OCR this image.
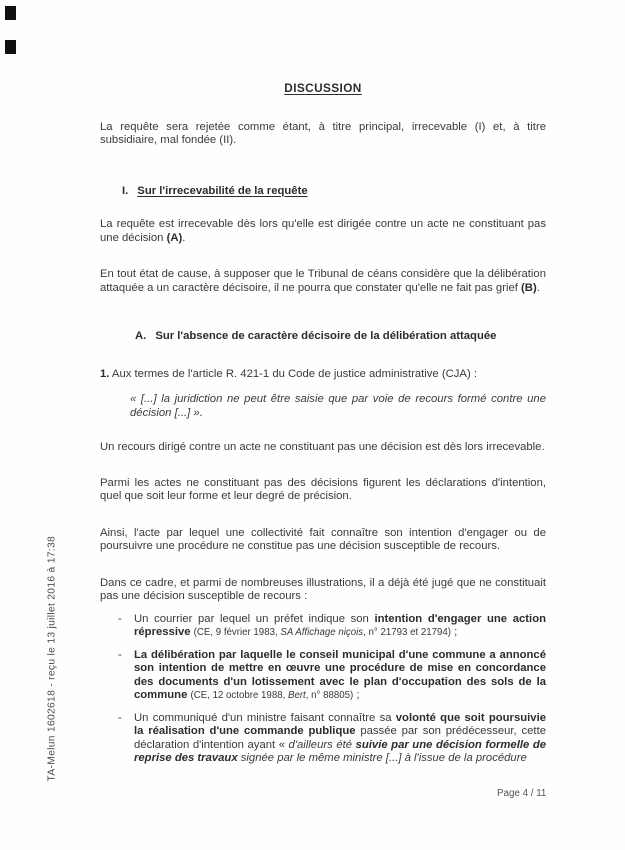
TA-Melun 1602618 - reçu le 13 juillet 2016 à 17:38
DISCUSSION

La requête sera rejetée comme étant, à titre principal, irrecevable (I) et, à titre subsidiaire, mal fondée (II).

I. Sur l'irrecevabilité de la requête

La requête est irrecevable dès lors qu'elle est dirigée contre un acte ne constituant pas une décision (A).

En tout état de cause, à supposer que le Tribunal de céans considère que la délibération attaquée a un caractère décisoire, il ne pourra que constater qu'elle ne fait pas grief (B).

A. Sur l'absence de caractère décisoire de la délibération attaquée

1. Aux termes de l'article R. 421-1 du Code de justice administrative (CJA) :

« [...] la juridiction ne peut être saisie que par voie de recours formé contre une décision [...] ».

Un recours dirigé contre un acte ne constituant pas une décision est dès lors irrecevable.

Parmi les actes ne constituant pas des décisions figurent les déclarations d'intention, quel que soit leur forme et leur degré de précision.

Ainsi, l'acte par lequel une collectivité fait connaître son intention d'engager ou de poursuivre une procédure ne constitue pas une décision susceptible de recours.

Dans ce cadre, et parmi de nombreuses illustrations, il a déjà été jugé que ne constituait pas une décision susceptible de recours :

-	Un courrier par lequel un préfet indique son intention d'engager une action répressive (CE, 9 février 1983, SA Affichage niçois, n° 21793 et 21794) ;
-	La délibération par laquelle le conseil municipal d'une commune a annoncé son intention de mettre en œuvre une procédure de mise en concordance des documents d'un lotissement avec le plan d'occupation des sols de la commune (CE, 12 octobre 1988, Bert, n° 88805) ;
-	Un communiqué d'un ministre faisant connaître sa volonté que soit poursuivie la réalisation d'une commande publique passée par son prédécesseur, cette déclaration d'intention ayant « d'ailleurs été suivie par une décision formelle de reprise des travaux signée par le même ministre [...] à l'issue de la procédure
Page 4 / 11
